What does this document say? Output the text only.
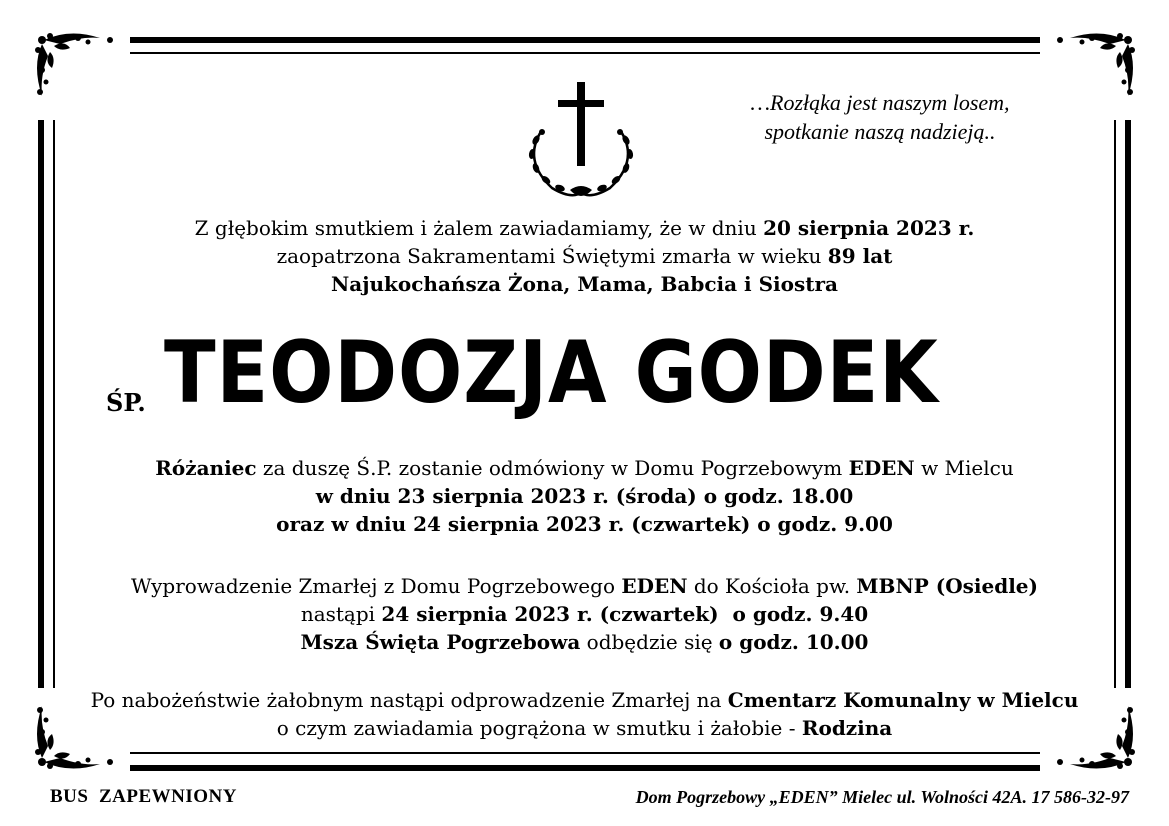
…Rozłąka jest naszym losem,
spotkanie naszą nadzieją..
Z głębokim smutkiem i żalem zawiadamiamy, że w dniu 20 sierpnia 2023 r.
zaopatrzona Sakramentami Świętymi zmarła w wieku 89 lat
Najukochańsza Żona, Mama, Babcia i Siostra
ŚP. TEODOZJA GODEK
Różaniec za duszę Ś.P. zostanie odmówiony w Domu Pogrzebowym EDEN w Mielcu
w dniu 23 sierpnia 2023 r. (środa) o godz. 18.00
oraz w dniu 24 sierpnia 2023 r. (czwartek) o godz. 9.00
Wyprowadzenie Zmarłej z Domu Pogrzebowego EDEN do Kościoła pw. MBNP (Osiedle)
nastąpi 24 sierpnia 2023 r. (czwartek)  o godz. 9.40
Msza Święta Pogrzebowa odbędzie się o godz. 10.00
Po nabożeństwie żałobnym nastąpi odprowadzenie Zmarłej na Cmentarz Komunalny w Mielcu
o czym zawiadamia pogrążona w smutku i żałobie - Rodzina
BUS  ZAPEWNIONY	Dom Pogrzebowy „EDEN” Mielec ul. Wolności 42A. 17 586-32-97
